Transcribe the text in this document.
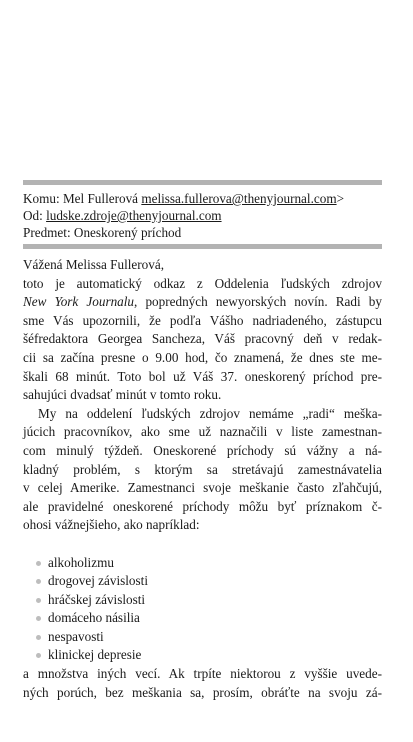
Komu: Mel Fullerová melissa.fullerova@thenyjournal.com>
Od: ludske.zdroje@thenyjournal.com
Predmet: Oneskorený príchod
Vážená Melissa Fullerová,
toto je automatický odkaz z Oddelenia ľudských zdrojov
New York Journalu, popredných newyorských novín. Radi by
sme Vás upozornili, že podľa Vášho nadriadeného, zástupcu
šéfredaktora Georgea Sancheza, Váš pracovný deň v redak-
cii sa začína presne o 9.00 hod, čo znamená, že dnes ste me-
škali 68 minút. Toto bol už Váš 37. oneskorený príchod pre-
sahujúci dvadsať minút v tomto roku.
My na oddelení ľudských zdrojov nemáme „radi“ meška-
júcich pracovníkov, ako sme už naznačili v liste zamestnan-
com minulý týždeň. Oneskorené príchody sú vážny a ná-
kladný problém, s ktorým sa stretávajú zamestnávatelia
v celej Amerike. Zamestnanci svoje meškanie často zľahčujú,
ale pravidelné oneskorené príchody môžu byť príznakom č-
ohosi vážnejšieho, ako napríklad:
alkoholizmu
drogovej závislosti
hráčskej závislosti
domáceho násilia
nespavosti
klinickej depresie
a množstva iných vecí. Ak trpíte niektorou z vyššie uvede-
ných porúch, bez meškania sa, prosím, obráťte na svoju zá-
